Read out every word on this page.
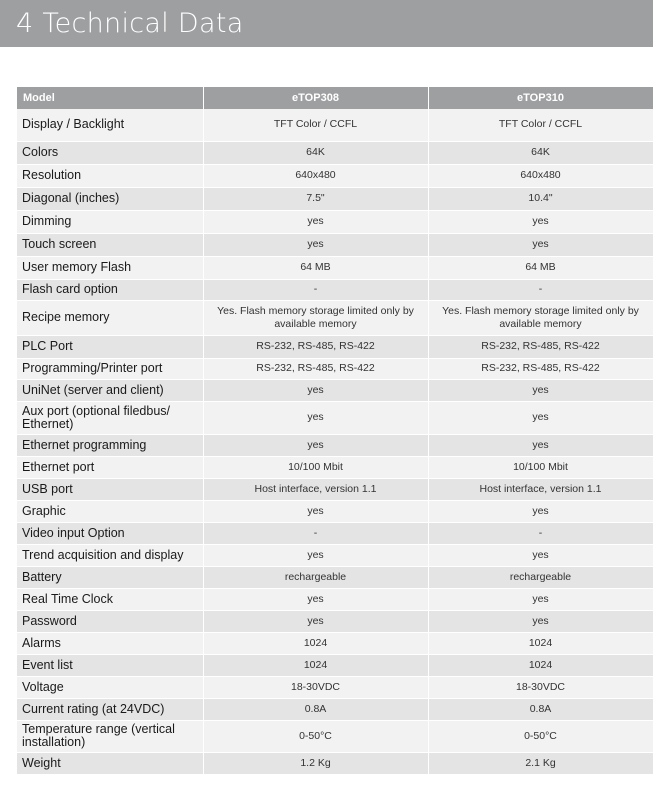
4 Technical Data
Model	eTOP308	eTOP310
Display / Backlight	TFT Color / CCFL	TFT Color / CCFL
Colors	64K	64K
Resolution	640x480	640x480
Diagonal (inches)	7.5"	10.4"
Dimming	yes	yes
Touch screen	yes	yes
User memory Flash	64 MB	64 MB
Flash card option	-	-
Recipe memory	Yes. Flash memory storage limited only by available memory	Yes. Flash memory storage limited only by available memory
PLC Port	RS-232, RS-485, RS-422	RS-232, RS-485, RS-422
Programming/Printer port	RS-232, RS-485, RS-422	RS-232, RS-485, RS-422
UniNet (server and client)	yes	yes
Aux port (optional filedbus/ Ethernet)	yes	yes
Ethernet programming	yes	yes
Ethernet port	10/100 Mbit	10/100 Mbit
USB port	Host interface, version 1.1	Host interface, version 1.1
Graphic	yes	yes
Video input Option	-	-
Trend acquisition and display	yes	yes
Battery	rechargeable	rechargeable
Real Time Clock	yes	yes
Password	yes	yes
Alarms	1024	1024
Event list	1024	1024
Voltage	18-30VDC	18-30VDC
Current rating (at 24VDC)	0.8A	0.8A
Temperature range (vertical installation)	0-50°C	0-50°C
Weight	1.2 Kg	2.1 Kg
